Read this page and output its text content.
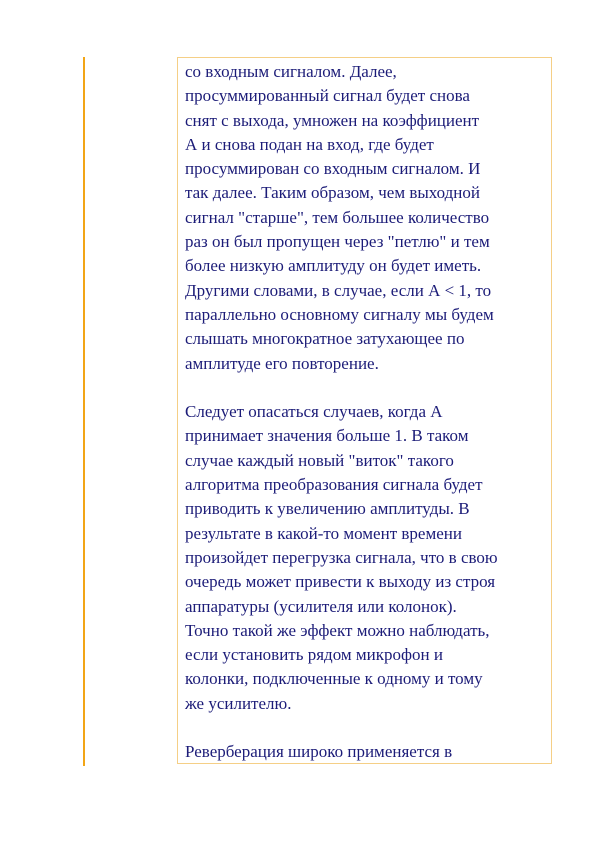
со входным сигналом. Далее,
просуммированный сигнал будет снова
снят с выхода, умножен на коэффициент
А и снова подан на вход, где будет
просуммирован со входным сигналом. И
так далее. Таким образом, чем выходной
сигнал "старше", тем большее количество
раз он был пропущен через "петлю" и тем
более низкую амплитуду он будет иметь.
Другими словами, в случае, если А < 1, то
параллельно основному сигналу мы будем
слышать многократное затухающее по
амплитуде его повторение.

Следует опасаться случаев, когда А
принимает значения больше 1. В таком
случае каждый новый "виток" такого
алгоритма преобразования сигнала будет
приводить к увеличению амплитуды. В
результате в какой-то момент времени
произойдет перегрузка сигнала, что в свою
очередь может привести к выходу из строя
аппаратуры (усилителя или колонок).
Точно такой же эффект можно наблюдать,
если установить рядом микрофон и
колонки, подключенные к одному и тому
же усилителю.

Реверберация широко применяется в
